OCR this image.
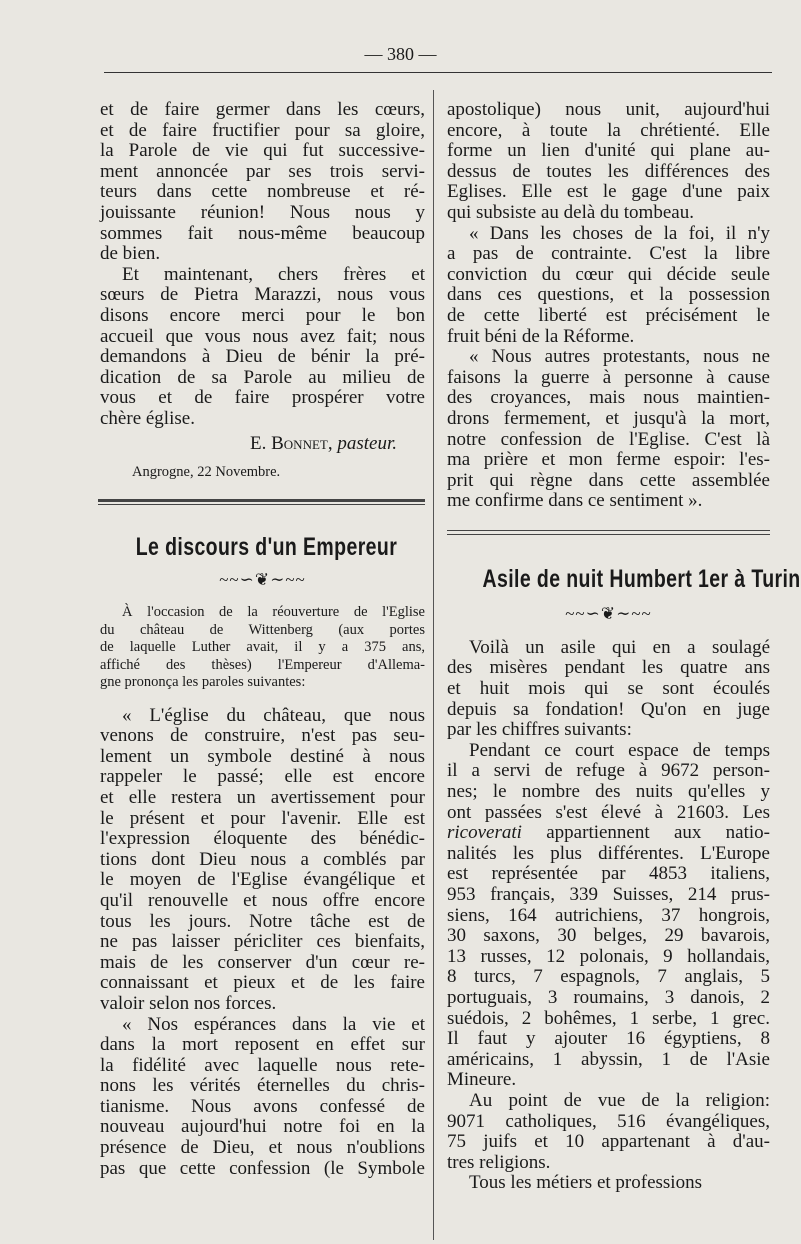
— 380 —
et de faire germer dans les cœurs,
et de faire fructifier pour sa gloire,
la Parole de vie qui fut successive-
ment annoncée par ses trois servi-
teurs dans cette nombreuse et ré-
jouissante réunion! Nous nous y
sommes fait nous-même beaucoup
de bien.
Et maintenant, chers frères et
sœurs de Pietra Marazzi, nous vous
disons encore merci pour le bon
accueil que vous nous avez fait; nous
demandons à Dieu de bénir la pré-
dication de sa Parole au milieu de
vous et de faire prospérer votre
chère église.
E. Bonnet, pasteur.
Angrogne, 22 Novembre.
Le discours d'un Empereur
~~∽❦∼~~
À l'occasion de la réouverture de l'Eglise
du château de Wittenberg (aux portes
de laquelle Luther avait, il y a 375 ans,
affiché des thèses) l'Empereur d'Allema-
gne prononça les paroles suivantes:
« L'église du château, que nous
venons de construire, n'est pas seu-
lement un symbole destiné à nous
rappeler le passé; elle est encore
et elle restera un avertissement pour
le présent et pour l'avenir. Elle est
l'expression éloquente des bénédic-
tions dont Dieu nous a comblés par
le moyen de l'Eglise évangélique et
qu'il renouvelle et nous offre encore
tous les jours. Notre tâche est de
ne pas laisser péricliter ces bienfaits,
mais de les conserver d'un cœur re-
connaissant et pieux et de les faire
valoir selon nos forces.
« Nos espérances dans la vie et
dans la mort reposent en effet sur
la fidélité avec laquelle nous rete-
nons les vérités éternelles du chris-
tianisme. Nous avons confessé de
nouveau aujourd'hui notre foi en la
présence de Dieu, et nous n'oublions
pas que cette confession (le Symbole
apostolique) nous unit, aujourd'hui
encore, à toute la chrétienté. Elle
forme un lien d'unité qui plane au-
dessus de toutes les différences des
Eglises. Elle est le gage d'une paix
qui subsiste au delà du tombeau.
« Dans les choses de la foi, il n'y
a pas de contrainte. C'est la libre
conviction du cœur qui décide seule
dans ces questions, et la possession
de cette liberté est précisément le
fruit béni de la Réforme.
« Nous autres protestants, nous ne
faisons la guerre à personne à cause
des croyances, mais nous maintien-
drons fermement, et jusqu'à la mort,
notre confession de l'Eglise. C'est là
ma prière et mon ferme espoir: l'es-
prit qui règne dans cette assemblée
me confirme dans ce sentiment ».
Asile de nuit Humbert 1er à Turin
~~∽❦∼~~
Voilà un asile qui en a soulagé
des misères pendant les quatre ans
et huit mois qui se sont écoulés
depuis sa fondation! Qu'on en juge
par les chiffres suivants:
Pendant ce court espace de temps
il a servi de refuge à 9672 person-
nes; le nombre des nuits qu'elles y
ont passées s'est élevé à 21603. Les
ricoverati appartiennent aux natio-
nalités les plus différentes. L'Europe
est représentée par 4853 italiens,
953 français, 339 Suisses, 214 prus-
siens, 164 autrichiens, 37 hongrois,
30 saxons, 30 belges, 29 bavarois,
13 russes, 12 polonais, 9 hollandais,
8 turcs, 7 espagnols, 7 anglais, 5
portuguais, 3 roumains, 3 danois, 2
suédois, 2 bohêmes, 1 serbe, 1 grec.
Il faut y ajouter 16 égyptiens, 8
américains, 1 abyssin, 1 de l'Asie
Mineure.
Au point de vue de la religion:
9071 catholiques, 516 évangéliques,
75 juifs et 10 appartenant à d'au-
tres religions.
Tous les métiers et professions
